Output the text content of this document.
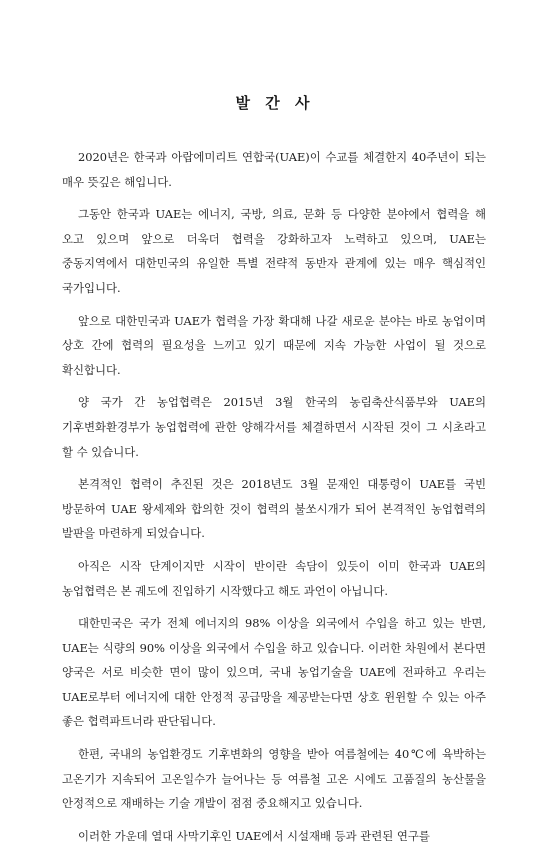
발 간 사

2020년은 한국과 아랍에미리트 연합국(UAE)이 수교를 체결한지 40주년이 되는 매우 뜻깊은 해입니다.

그동안 한국과 UAE는 에너지, 국방, 의료, 문화 등 다양한 분야에서 협력을 해 오고 있으며 앞으로 더욱더 협력을 강화하고자 노력하고 있으며, UAE는 중동지역에서 대한민국의 유일한 특별 전략적 동반자 관계에 있는 매우 핵심적인 국가입니다.

앞으로 대한민국과 UAE가 협력을 가장 확대해 나갈 새로운 분야는 바로 농업이며 상호 간에 협력의 필요성을 느끼고 있기 때문에 지속 가능한 사업이 될 것으로 확신합니다.

양 국가 간 농업협력은 2015년 3월 한국의 농림축산식품부와 UAE의 기후변화환경부가 농업협력에 관한 양해각서를 체결하면서 시작된 것이 그 시초라고 할 수 있습니다.

본격적인 협력이 추진된 것은 2018년도 3월 문재인 대통령이 UAE를 국빈 방문하여 UAE 왕세제와 합의한 것이 협력의 불쏘시개가 되어 본격적인 농업협력의 발판을 마련하게 되었습니다.

아직은 시작 단계이지만 시작이 반이란 속담이 있듯이 이미 한국과 UAE의 농업협력은 본 궤도에 진입하기 시작했다고 해도 과언이 아닙니다.

대한민국은 국가 전체 에너지의 98% 이상을 외국에서 수입을 하고 있는 반면, UAE는 식량의 90% 이상을 외국에서 수입을 하고 있습니다. 이러한 차원에서 본다면 양국은 서로 비슷한 면이 많이 있으며, 국내 농업기술을 UAE에 전파하고 우리는 UAE로부터 에너지에 대한 안정적 공급망을 제공받는다면 상호 윈윈할 수 있는 아주 좋은 협력파트너라 판단됩니다.

한편, 국내의 농업환경도 기후변화의 영향을 받아 여름철에는 40℃에 육박하는 고온기가 지속되어 고온일수가 늘어나는 등 여름철 고온 시에도 고품질의 농산물을 안정적으로 재배하는 기술 개발이 점점 중요해지고 있습니다.

이러한 가운데 열대 사막기후인 UAE에서 시설재배 등과 관련된 연구를
